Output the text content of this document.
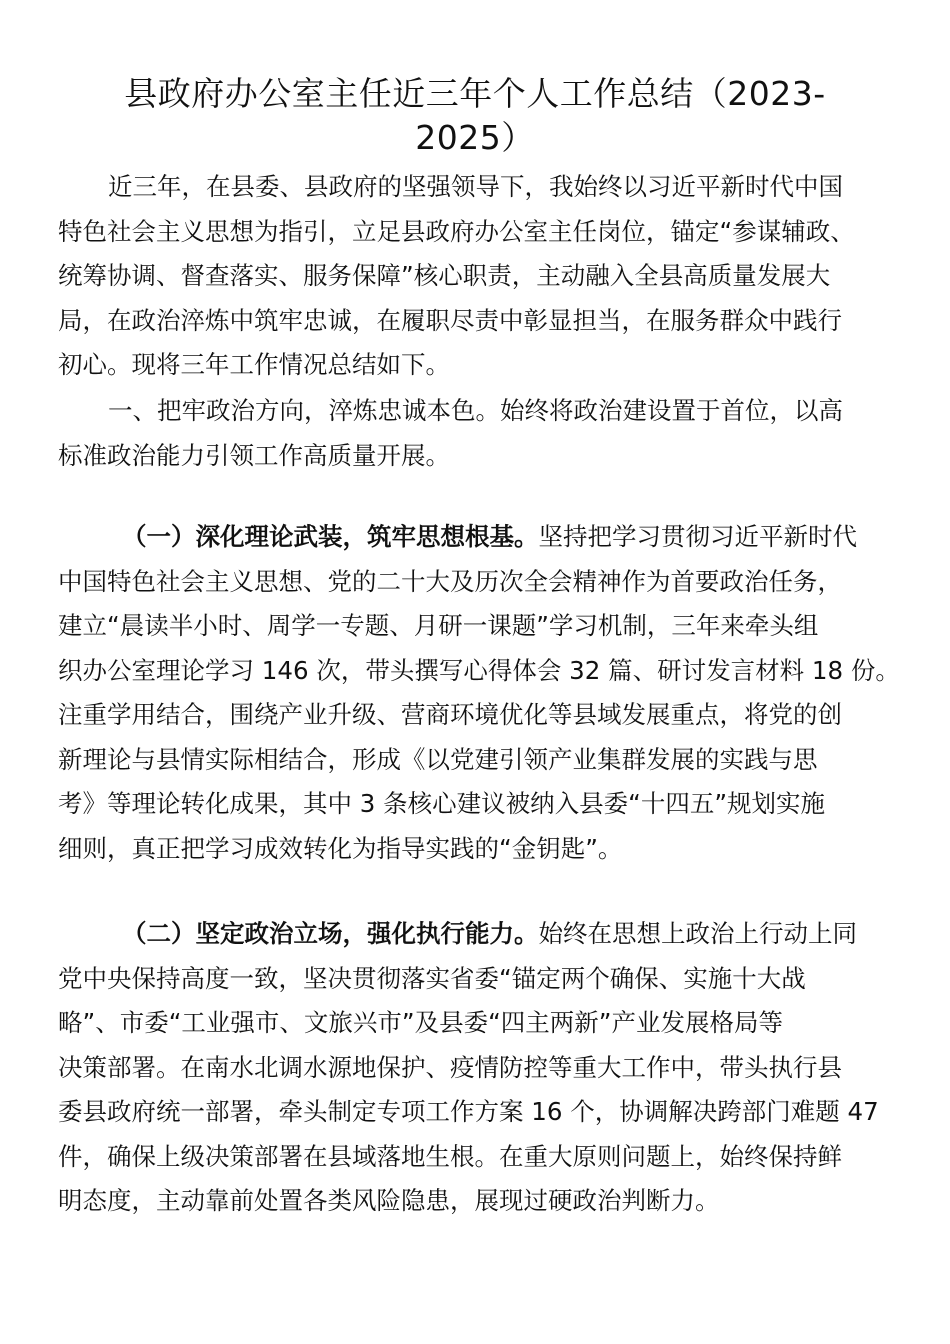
县政府办公室主任近三年个人工作总结（2023-
2025）
近三年，在县委、县政府的坚强领导下，我始终以习近平新时代中国
特色社会主义思想为指引，立足县政府办公室主任岗位，锚定“参谋辅政、
统筹协调、督查落实、服务保障”核心职责，主动融入全县高质量发展大
局，在政治淬炼中筑牢忠诚，在履职尽责中彰显担当，在服务群众中践行
初心。现将三年工作情况总结如下。
一、把牢政治方向，淬炼忠诚本色。始终将政治建设置于首位，以高
标准政治能力引领工作高质量开展。
（一）深化理论武装，筑牢思想根基。坚持把学习贯彻习近平新时代
中国特色社会主义思想、党的二十大及历次全会精神作为首要政治任务，
建立“晨读半小时、周学一专题、月研一课题”学习机制，三年来牵头组
织办公室理论学习 146 次，带头撰写心得体会 32 篇、研讨发言材料 18 份。
注重学用结合，围绕产业升级、营商环境优化等县域发展重点，将党的创
新理论与县情实际相结合，形成《以党建引领产业集群发展的实践与思
考》等理论转化成果，其中 3 条核心建议被纳入县委“十四五”规划实施
细则，真正把学习成效转化为指导实践的“金钥匙”。
（二）坚定政治立场，强化执行能力。始终在思想上政治上行动上同
党中央保持高度一致，坚决贯彻落实省委“锚定两个确保、实施十大战
略”、市委“工业强市、文旅兴市”及县委“四主两新”产业发展格局等
决策部署。在南水北调水源地保护、疫情防控等重大工作中，带头执行县
委县政府统一部署，牵头制定专项工作方案 16 个，协调解决跨部门难题 47
件，确保上级决策部署在县域落地生根。在重大原则问题上，始终保持鲜
明态度，主动靠前处置各类风险隐患，展现过硬政治判断力。
